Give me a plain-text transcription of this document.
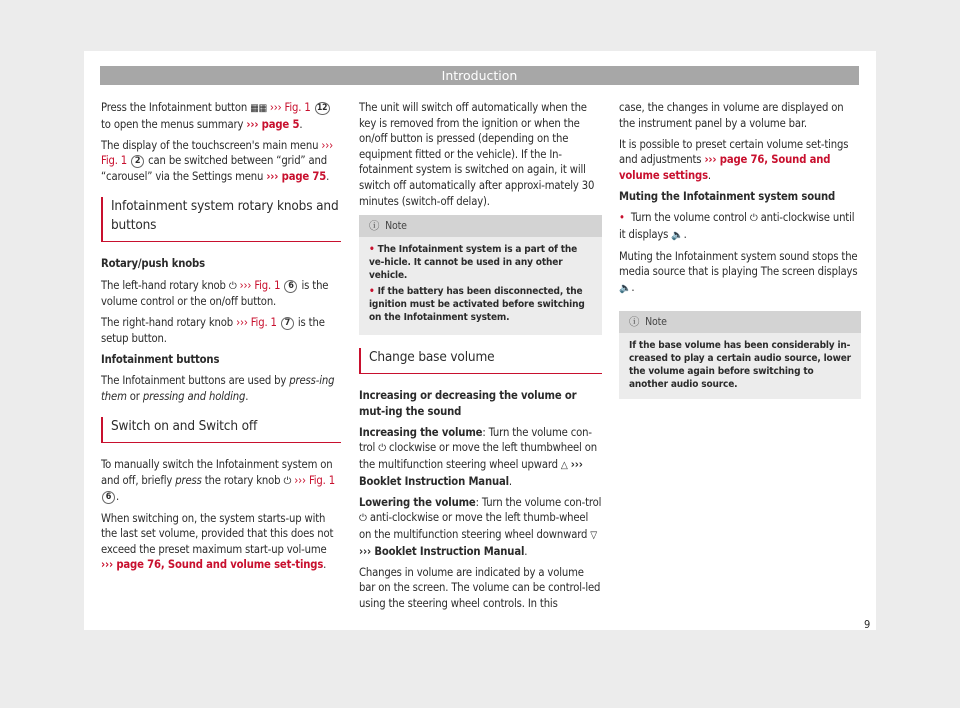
Introduction

Press the Infotainment button ▦▦ ››› Fig. 1 12 to open the menus summary ››› page 5.

The display of the touchscreen's main menu ››› Fig. 1 2 can be switched between “grid” and “carousel” via the Settings menu ››› page 75.

Infotainment system rotary knobs and buttons

Rotary/push knobs

The left-hand rotary knob ⏻ ››› Fig. 1 6 is the volume control or the on/off button.

The right-hand rotary knob ››› Fig. 1 7 is the setup button.

Infotainment buttons

The Infotainment buttons are used by press-ing them or pressing and holding.

Switch on and Switch off

To manually switch the Infotainment system on and off, briefly press the rotary knob ⏻ ››› Fig. 1 6 .

When switching on, the system starts-up with the last set volume, provided that this does not exceed the preset maximum start-up vol-ume ››› page 76, Sound and volume set-tings.

The unit will switch off automatically when the key is removed from the ignition or when the on/off button is pressed (depending on the equipment fitted or the vehicle). If the In-fotainment system is switched on again, it will switch off automatically after approxi-mately 30 minutes (switch-off delay).

ⓘ Note
• The Infotainment system is a part of the ve-hicle. It cannot be used in any other vehicle.
• If the battery has been disconnected, the ignition must be activated before switching on the Infotainment system.
Change base volume

Increasing or decreasing the volume or mut-ing the sound

Increasing the volume: Turn the volume con-trol ⏻ clockwise or move the left thumbwheel on the multifunction steering wheel upward △ ››› Booklet Instruction Manual.

Lowering the volume: Turn the volume con-trol ⏻ anti-clockwise or move the left thumb-wheel on the multifunction steering wheel downward ▽ ››› Booklet Instruction Manual.

Changes in volume are indicated by a volume bar on the screen. The volume can be control-led using the steering wheel controls. In this

case, the changes in volume are displayed on the instrument panel by a volume bar.

It is possible to preset certain volume set-tings and adjustments ››› page 76, Sound and volume settings.

Muting the Infotainment system sound

• Turn the volume control ⏻ anti-clockwise until it displays 🔈.

Muting the Infotainment system sound stops the media source that is playing The screen displays 🔈.

ⓘ Note
If the base volume has been considerably in-creased to play a certain audio source, lower the volume again before switching to another audio source.
9
